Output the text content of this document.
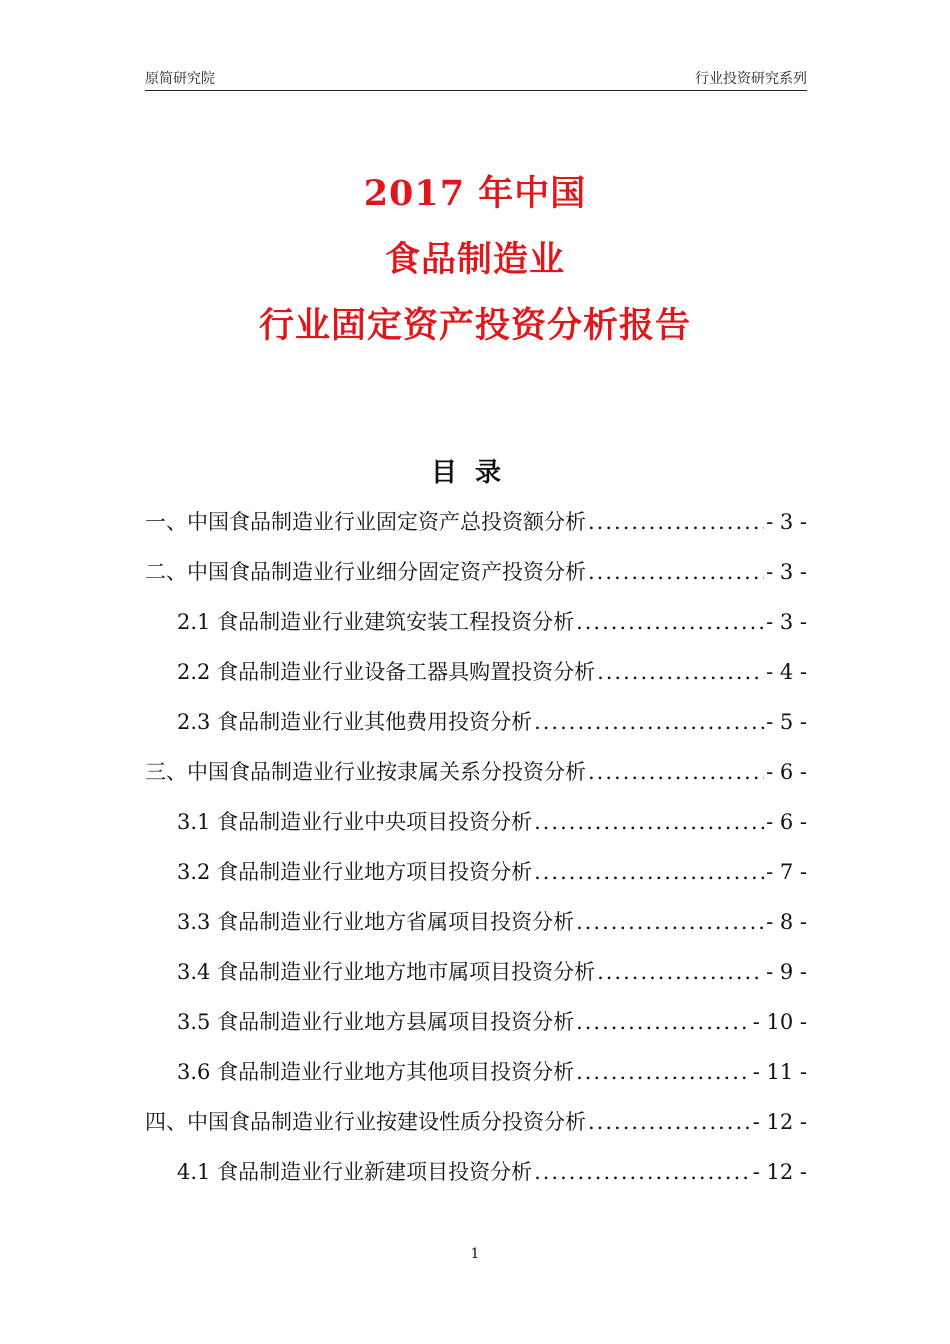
原简研究院	行业投资研究系列
2017 年中国
食品制造业
行业固定资产投资分析报告
目录
一、中国食品制造业行业固定资产总投资额分析 .....	- 3 -
二、中国食品制造业行业细分固定资产投资分析 .....	- 3 -
2.1 食品制造业行业建筑安装工程投资分析 .....	- 3 -
2.2 食品制造业行业设备工器具购置投资分析 .....	- 4 -
2.3 食品制造业行业其他费用投资分析 .....	- 5 -
三、中国食品制造业行业按隶属关系分投资分析 .....	- 6 -
3.1 食品制造业行业中央项目投资分析 .....	- 6 -
3.2 食品制造业行业地方项目投资分析 .....	- 7 -
3.3 食品制造业行业地方省属项目投资分析 .....	- 8 -
3.4 食品制造业行业地方地市属项目投资分析 .....	- 9 -
3.5 食品制造业行业地方县属项目投资分析 .....	- 10 -
3.6 食品制造业行业地方其他项目投资分析 .....	- 11 -
四、中国食品制造业行业按建设性质分投资分析 .....	- 12 -
4.1 食品制造业行业新建项目投资分析 .....	- 12 -
1
